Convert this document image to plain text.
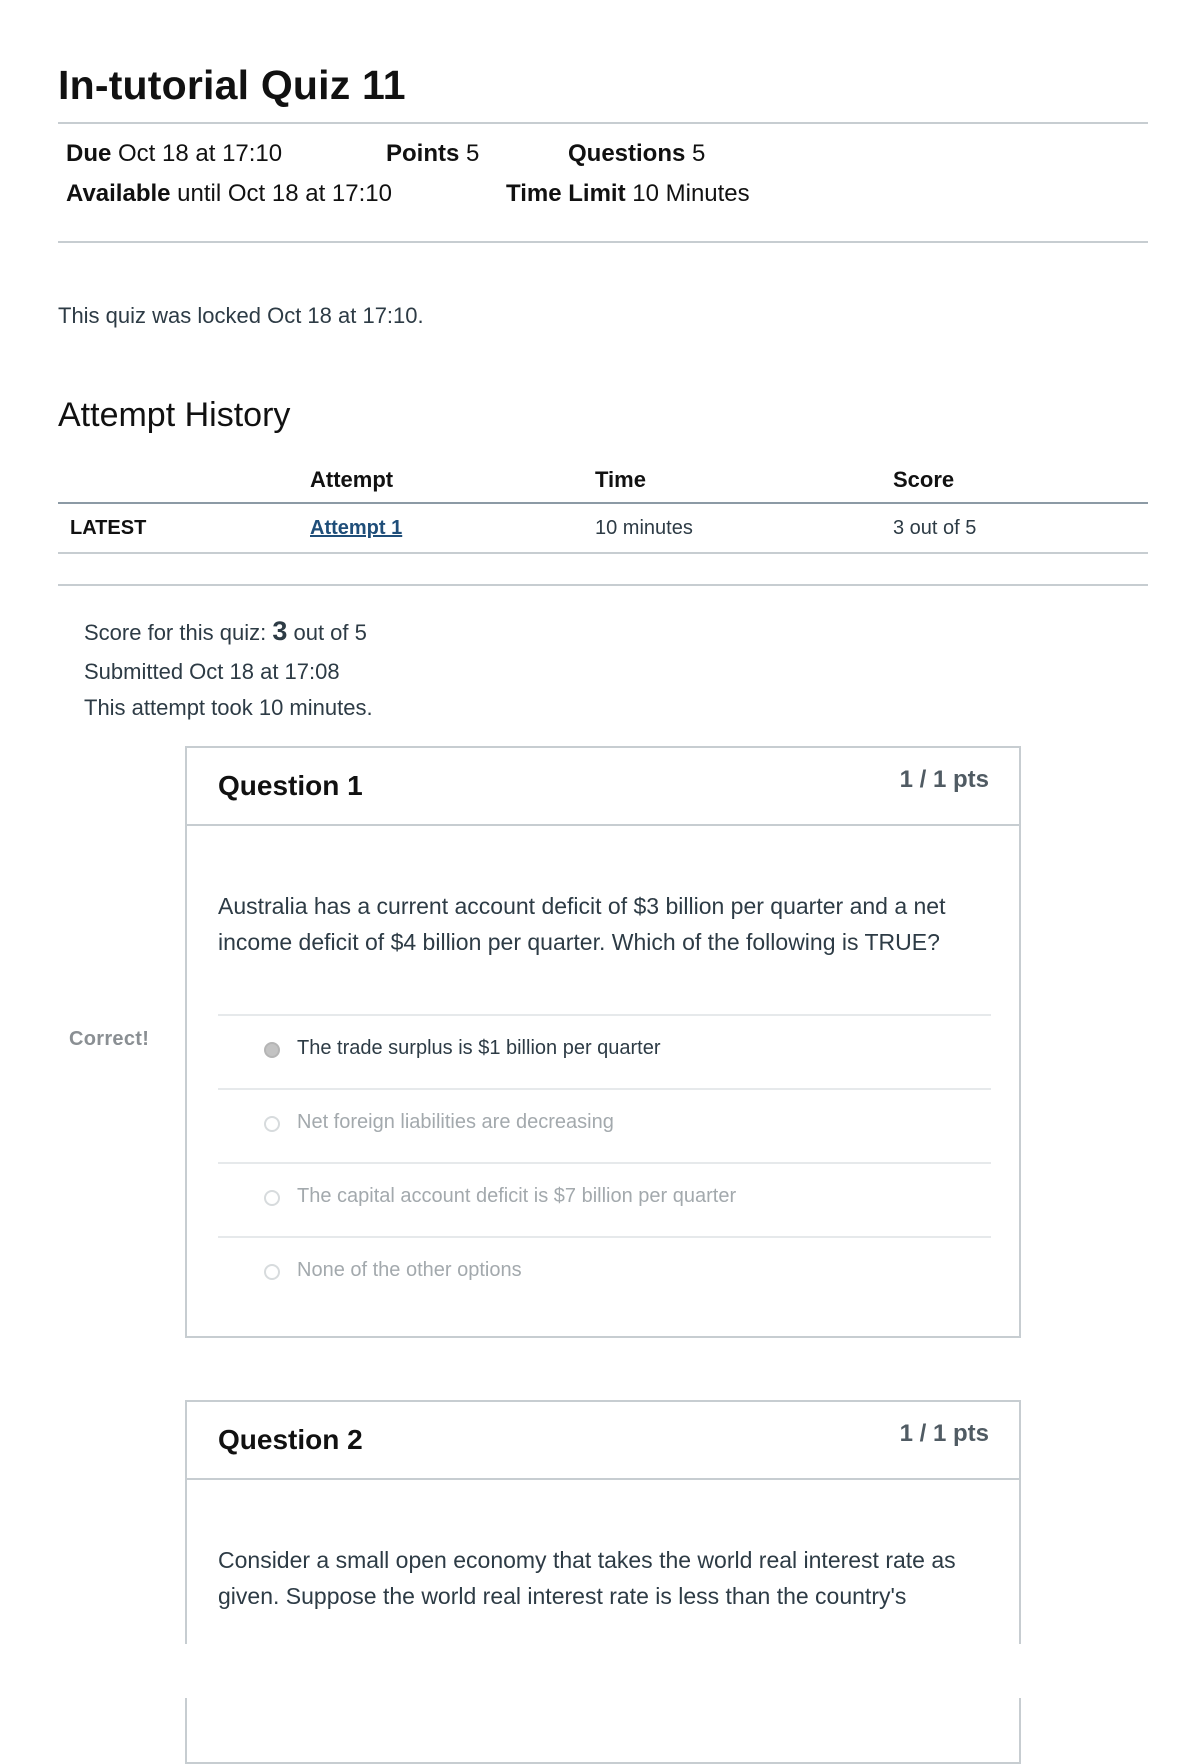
In-tutorial Quiz 11
Due Oct 18 at 17:10	Points 5	Questions 5
Available until Oct 18 at 17:10	Time Limit 10 Minutes
This quiz was locked Oct 18 at 17:10.
Attempt History
	Attempt	Time	Score
LATEST	Attempt 1	10 minutes	3 out of 5
Score for this quiz: 3 out of 5
Submitted Oct 18 at 17:08
This attempt took 10 minutes.
Question 1	1 / 1 pts
Australia has a current account deficit of $3 billion per quarter and a net income deficit of $4 billion per quarter. Which of the following is TRUE?
The trade surplus is $1 billion per quarter
Net foreign liabilities are decreasing
The capital account deficit is $7 billion per quarter
None of the other options
Question 2	1 / 1 pts
Consider a small open economy that takes the world real interest rate as given. Suppose the world real interest rate is less than the country's
Correct!
